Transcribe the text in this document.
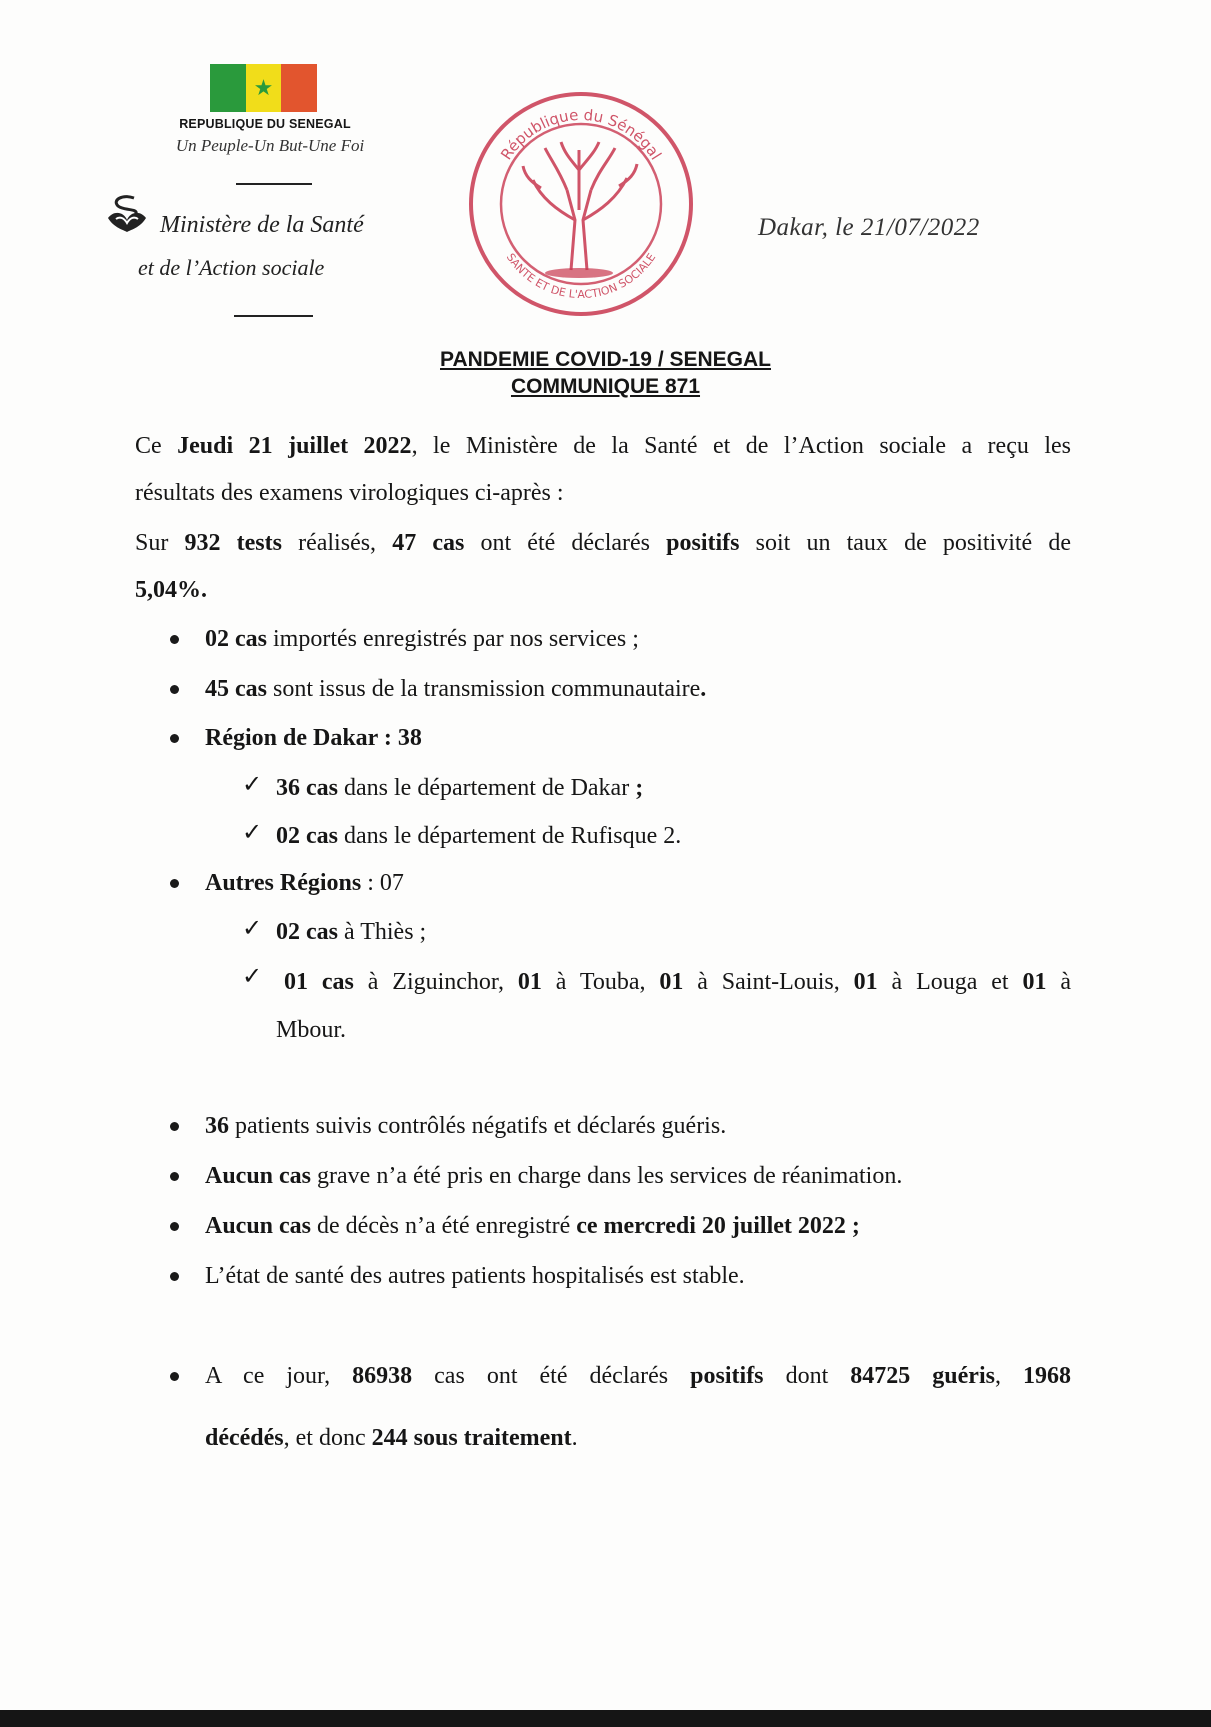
★
REPUBLIQUE DU SENEGAL
Un Peuple-Un But-Une Foi
Ministère de la Santé
et de l’Action sociale
République du Sénégal
SANTE ET DE L'ACTION SOCIALE
Dakar, le 21/07/2022
PANDEMIE COVID-19 / SENEGAL
COMMUNIQUE 871
Ce Jeudi 21 juillet 2022, le Ministère de la Santé et de l’Action sociale a reçu les
résultats des examens virologiques ci-après :
Sur 932 tests réalisés, 47 cas ont été déclarés positifs soit un taux de positivité de
5,04%.
02 cas importés enregistrés par nos services ;
45 cas sont issus de la transmission communautaire.
Région de Dakar : 38
✓ 36 cas dans le département de Dakar ;
✓ 02 cas dans le département de Rufisque 2.
Autres Régions : 07
✓ 02 cas à Thiès ;
✓ 01 cas à Ziguinchor, 01 à Touba, 01 à Saint-Louis, 01 à Louga et 01 à
Mbour.
36 patients suivis contrôlés négatifs et déclarés guéris.
Aucun cas grave n’a été pris en charge dans les services de réanimation.
Aucun cas de décès n’a été enregistré ce mercredi 20 juillet 2022 ;
L’état de santé des autres patients hospitalisés est stable.
A ce jour, 86938 cas ont été déclarés positifs dont 84725 guéris, 1968
décédés, et donc 244 sous traitement.
